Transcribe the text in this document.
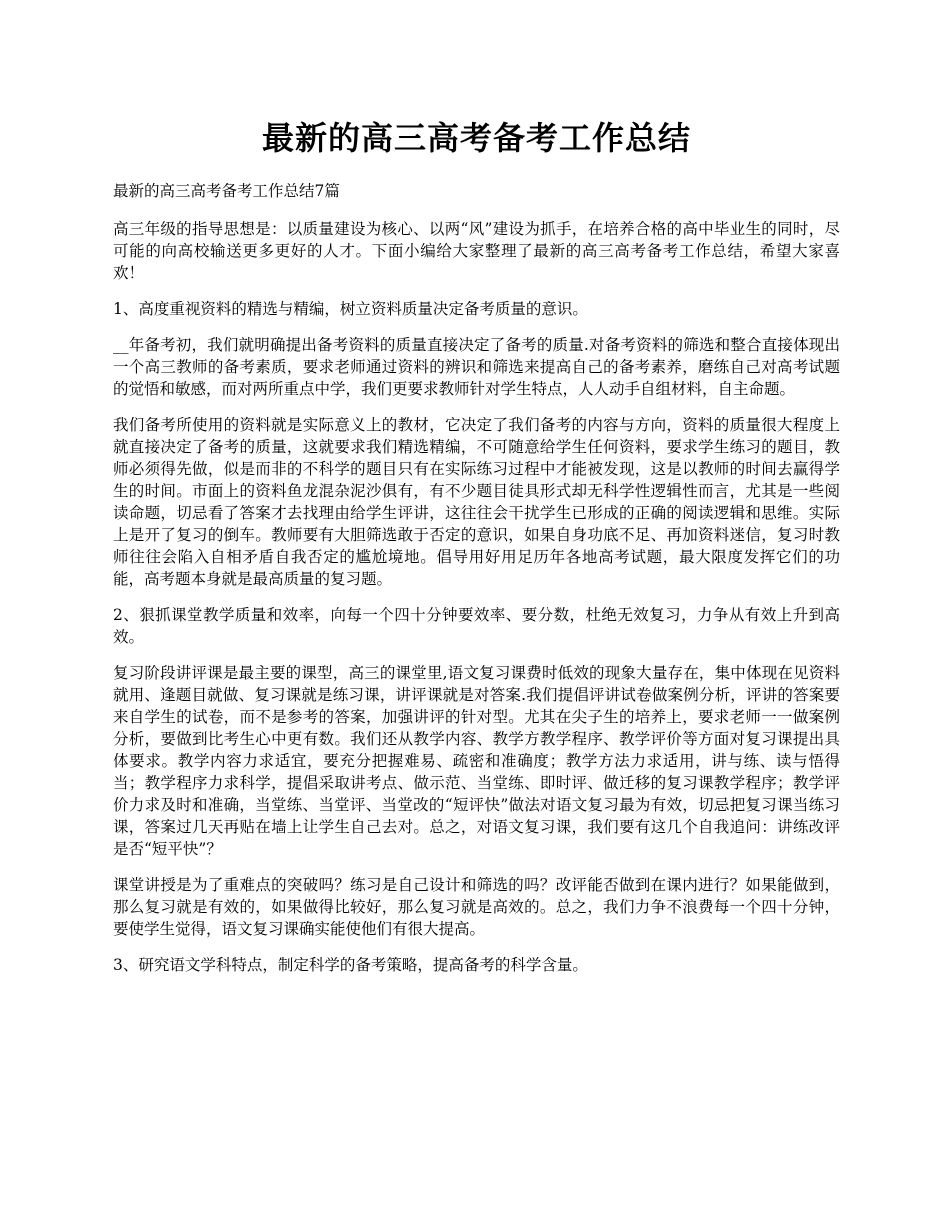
最新的高三高考备考工作总结

最新的高三高考备考工作总结7篇

高三年级的指导思想是：以质量建设为核心、以两“风”建设为抓手，在培养合格的高中毕业生的同时，尽可能的向高校输送更多更好的人才。下面小编给大家整理了最新的高三高考备考工作总结，希望大家喜欢！

1、高度重视资料的精选与精编，树立资料质量决定备考质量的意识。

__年备考初，我们就明确提出备考资料的质量直接决定了备考的质量.对备考资料的筛选和整合直接体现出一个高三教师的备考素质，要求老师通过资料的辨识和筛选来提高自己的备考素养，磨练自己对高考试题的觉悟和敏感，而对两所重点中学，我们更要求教师针对学生特点，人人动手自组材料，自主命题。

我们备考所使用的资料就是实际意义上的教材，它决定了我们备考的内容与方向，资料的质量很大程度上就直接决定了备考的质量，这就要求我们精选精编，不可随意给学生任何资料，要求学生练习的题目，教师必须得先做，似是而非的不科学的题目只有在实际练习过程中才能被发现，这是以教师的时间去赢得学生的时间。市面上的资料鱼龙混杂泥沙俱有，有不少题目徒具形式却无科学性逻辑性而言，尤其是一些阅读命题，切忌看了答案才去找理由给学生评讲，这往往会干扰学生已形成的正确的阅读逻辑和思维。实际上是开了复习的倒车。教师要有大胆筛选敢于否定的意识，如果自身功底不足、再加资料迷信，复习时教师往往会陷入自相矛盾自我否定的尴尬境地。倡导用好用足历年各地高考试题，最大限度发挥它们的功能，高考题本身就是最高质量的复习题。

2、狠抓课堂教学质量和效率，向每一个四十分钟要效率、要分数，杜绝无效复习，力争从有效上升到高效。

复习阶段讲评课是最主要的课型，高三的课堂里,语文复习课费时低效的现象大量存在，集中体现在见资料就用、逢题目就做、复习课就是练习课，讲评课就是对答案.我们提倡评讲试卷做案例分析，评讲的答案要来自学生的试卷，而不是参考的答案，加强讲评的针对型。尤其在尖子生的培养上，要求老师一一做案例分析，要做到比考生心中更有数。我们还从教学内容、教学方教学程序、教学评价等方面对复习课提出具体要求。教学内容力求适宜，要充分把握难易、疏密和准确度；教学方法力求适用，讲与练、读与悟得当；教学程序力求科学，提倡采取讲考点、做示范、当堂练、即时评、做迁移的复习课教学程序；教学评价力求及时和准确，当堂练、当堂评、当堂改的“短评快”做法对语文复习最为有效，切忌把复习课当练习课，答案过几天再贴在墙上让学生自己去对。总之，对语文复习课，我们要有这几个自我追问：讲练改评是否“短平快”？

课堂讲授是为了重难点的突破吗？练习是自己设计和筛选的吗？改评能否做到在课内进行？如果能做到，那么复习就是有效的，如果做得比较好，那么复习就是高效的。总之，我们力争不浪费每一个四十分钟，要使学生觉得，语文复习课确实能使他们有很大提高。

3、研究语文学科特点，制定科学的备考策略，提高备考的科学含量。
